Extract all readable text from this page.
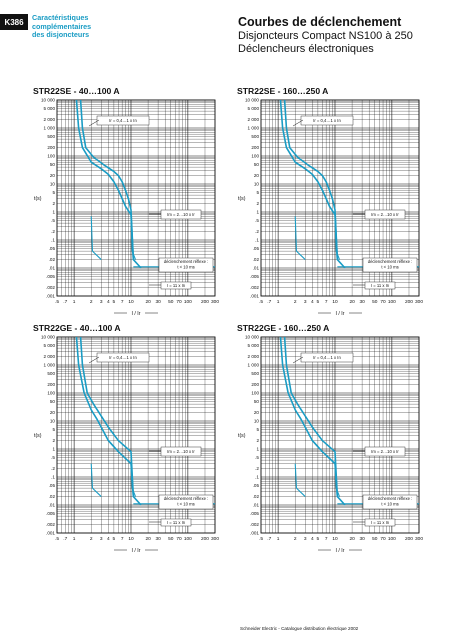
K386	Caractéristiques
complémentaires
des disjoncteurs
Courbes de déclenchement
Disjoncteurs Compact NS100 à 250
Déclencheurs électroniques
STR22SE - 40…100 A
10 000
5 000
2 000
1 000
500
200
100
50
20
10
5
2
1
.5
.2
.1
.05
.02
.01
.005
.002
.001
.5 .7 1	2 3 4 5 7 10 20 30 50 70 100 200 300
t(s)
I / Ir
Ir = 0,4…1 x In
Im = 2…10 x Ir
déclenchement réflexe :
t < 10 ms
I = 11 x In
STR22SE - 160…250 A
10 000
5 000
2 000
1 000
500
200
100
50
20
10
5
2
1
.5
.2
.1
.05
.02
.01
.005
.002
.001
.5 .7 1	2 3 4 5 7 10 20 30 50 70 100 200 300
t(s)
I / Ir
Ir = 0,4…1 x In
Im = 2…10 x Ir
déclenchement réflexe :
t < 10 ms
I = 11 x In
STR22GE - 40…100 A
10 000
5 000
2 000
1 000
500
200
100
50
20
10
5
2
1
.5
.2
.1
.05
.02
.01
.005
.002
.001
.5 .7 1	2 3 4 5 7 10 20 30 50 70 100 200 300
t(s)
I / Ir
Ir = 0,4…1 x In
Im = 2…10 x Ir
déclenchement réflexe :
t < 10 ms
I = 11 x In
STR22GE - 160…250 A
10 000
5 000
2 000
1 000
500
200
100
50
20
10
5
2
1
.5
.2
.1
.05
.02
.01
.005
.002
.001
.5 .7 1	2 3 4 5 7 10 20 30 50 70 100 200 300
t(s)
I / Ir
Ir = 0,4…1 x In
Im = 2…10 x Ir
déclenchement réflexe :
t < 10 ms
I = 11 x In
Schneider Electric - Catalogue distribution électrique 2002
